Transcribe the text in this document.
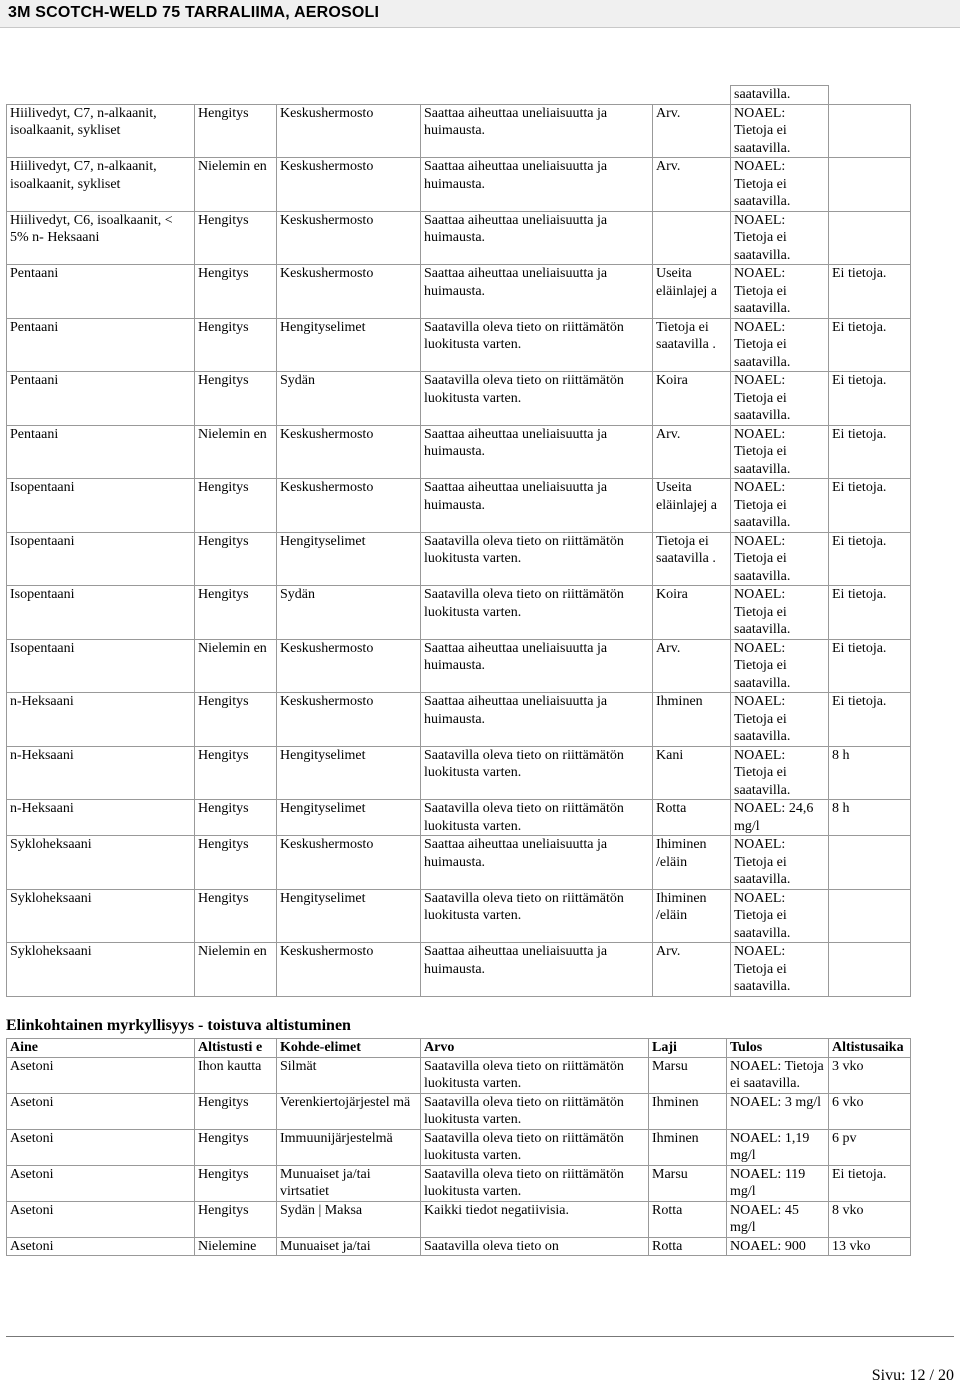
3M SCOTCH-WELD 75 TARRALIIMA, AEROSOLI
					saatavilla.	
Hiilivedyt, C7, n-alkaanit, isoalkaanit, sykliset	Hengitys	Keskushermosto	Saattaa aiheuttaa uneliaisuutta ja huimausta.	Arv.	NOAEL: Tietoja ei saatavilla.	
Hiilivedyt, C7, n-alkaanit, isoalkaanit, sykliset	Nielemin en	Keskushermosto	Saattaa aiheuttaa uneliaisuutta ja huimausta.	Arv.	NOAEL: Tietoja ei saatavilla.	
Hiilivedyt, C6, isoalkaanit, < 5% n- Heksaani	Hengitys	Keskushermosto	Saattaa aiheuttaa uneliaisuutta ja huimausta.		NOAEL: Tietoja ei saatavilla.	
Pentaani	Hengitys	Keskushermosto	Saattaa aiheuttaa uneliaisuutta ja huimausta.	Useita eläinlajej a	NOAEL: Tietoja ei saatavilla.	Ei tietoja.
Pentaani	Hengitys	Hengityselimet	Saatavilla oleva tieto on riittämätön luokitusta varten.	Tietoja ei saatavilla .	NOAEL: Tietoja ei saatavilla.	Ei tietoja.
Pentaani	Hengitys	Sydän	Saatavilla oleva tieto on riittämätön luokitusta varten.	Koira	NOAEL: Tietoja ei saatavilla.	Ei tietoja.
Pentaani	Nielemin en	Keskushermosto	Saattaa aiheuttaa uneliaisuutta ja huimausta.	Arv.	NOAEL: Tietoja ei saatavilla.	Ei tietoja.
Isopentaani	Hengitys	Keskushermosto	Saattaa aiheuttaa uneliaisuutta ja huimausta.	Useita eläinlajej a	NOAEL: Tietoja ei saatavilla.	Ei tietoja.
Isopentaani	Hengitys	Hengityselimet	Saatavilla oleva tieto on riittämätön luokitusta varten.	Tietoja ei saatavilla .	NOAEL: Tietoja ei saatavilla.	Ei tietoja.
Isopentaani	Hengitys	Sydän	Saatavilla oleva tieto on riittämätön luokitusta varten.	Koira	NOAEL: Tietoja ei saatavilla.	Ei tietoja.
Isopentaani	Nielemin en	Keskushermosto	Saattaa aiheuttaa uneliaisuutta ja huimausta.	Arv.	NOAEL: Tietoja ei saatavilla.	Ei tietoja.
n-Heksaani	Hengitys	Keskushermosto	Saattaa aiheuttaa uneliaisuutta ja huimausta.	Ihminen	NOAEL: Tietoja ei saatavilla.	Ei tietoja.
n-Heksaani	Hengitys	Hengityselimet	Saatavilla oleva tieto on riittämätön luokitusta varten.	Kani	NOAEL: Tietoja ei saatavilla.	8 h
n-Heksaani	Hengitys	Hengityselimet	Saatavilla oleva tieto on riittämätön luokitusta varten.	Rotta	NOAEL: 24,6 mg/l	8 h
Sykloheksaani	Hengitys	Keskushermosto	Saattaa aiheuttaa uneliaisuutta ja huimausta.	Ihiminen /eläin	NOAEL: Tietoja ei saatavilla.	
Sykloheksaani	Hengitys	Hengityselimet	Saatavilla oleva tieto on riittämätön luokitusta varten.	Ihiminen /eläin	NOAEL: Tietoja ei saatavilla.	
Sykloheksaani	Nielemin en	Keskushermosto	Saattaa aiheuttaa uneliaisuutta ja huimausta.	Arv.	NOAEL: Tietoja ei saatavilla.	
Elinkohtainen myrkyllisyys - toistuva altistuminen
Aine	Altistusti e	Kohde-elimet	Arvo	Laji	Tulos	Altistusaika
Asetoni	Ihon kautta	Silmät	Saatavilla oleva tieto on riittämätön luokitusta varten.	Marsu	NOAEL: Tietoja ei saatavilla.	3 vko
Asetoni	Hengitys	Verenkiertojärjestel mä	Saatavilla oleva tieto on riittämätön luokitusta varten.	Ihminen	NOAEL: 3 mg/l	6 vko
Asetoni	Hengitys	Immuunijärjestelmä	Saatavilla oleva tieto on riittämätön luokitusta varten.	Ihminen	NOAEL: 1,19 mg/l	6 pv
Asetoni	Hengitys	Munuaiset ja/tai virtsatiet	Saatavilla oleva tieto on riittämätön luokitusta varten.	Marsu	NOAEL: 119 mg/l	Ei tietoja.
Asetoni	Hengitys	Sydän | Maksa	Kaikki tiedot negatiivisia.	Rotta	NOAEL: 45 mg/l	8 vko
Asetoni	Nielemine	Munuaiset ja/tai	Saatavilla oleva tieto on	Rotta	NOAEL: 900	13 vko
Sivu: 12 / 20
